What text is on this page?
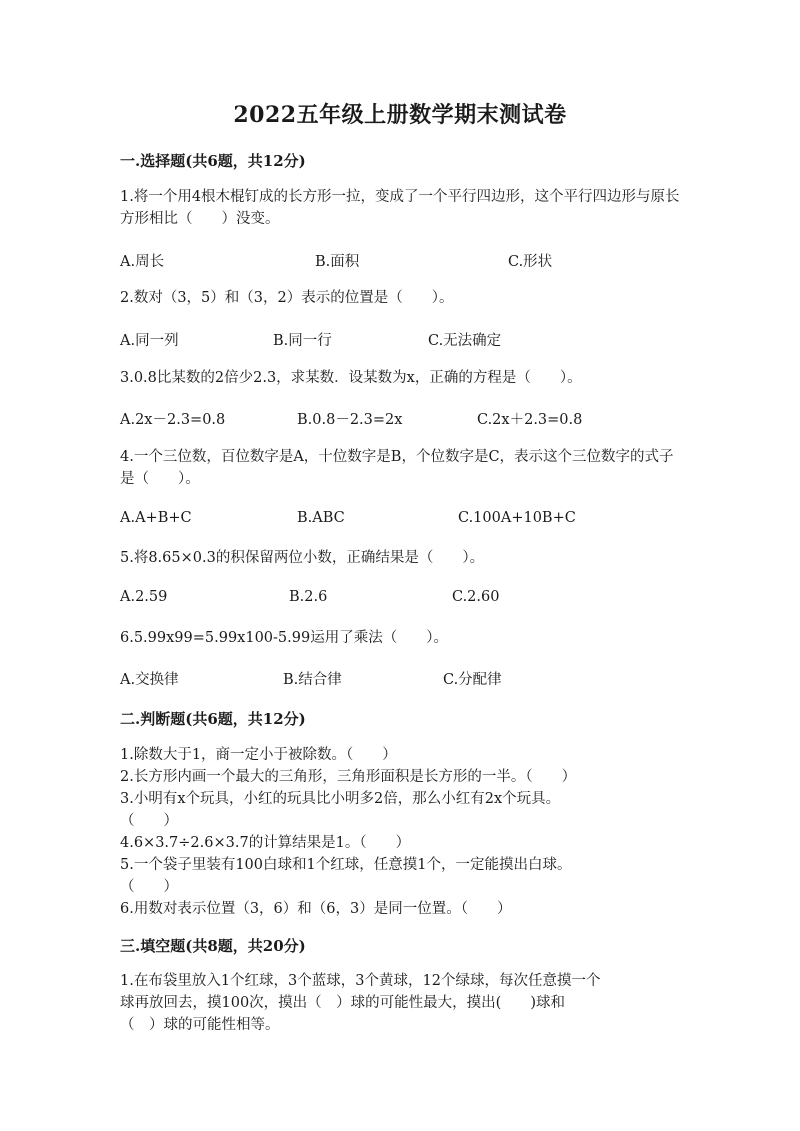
2022五年级上册数学期末测试卷
一.选择题(共6题，共12分)
1.将一个用4根木棍钉成的长方形一拉，变成了一个平行四边形，这个平行四边形与原长方形相比（　　）没变。
A.周长	B.面积	C.形状
2.数对（3，5）和（3，2）表示的位置是（　　）。
A.同一列	B.同一行	C.无法确定
3.0.8比某数的2倍少2.3，求某数．设某数为x，正确的方程是（　　）。
A.2x－2.3=0.8	B.0.8－2.3=2x	C.2x＋2.3=0.8
4.一个三位数，百位数字是A，十位数字是B，个位数字是C，表示这个三位数字的式子是（　　）。
A.A+B+C	B.ABC	C.100A+10B+C
5.将8.65×0.3的积保留两位小数，正确结果是（　　）。
A.2.59	B.2.6	C.2.60
6.5.99x99=5.99x100-5.99运用了乘法（　　）。
A.交换律	B.结合律	C.分配律
二.判断题(共6题，共12分)
1.除数大于1，商一定小于被除数。（　　）
2.长方形内画一个最大的三角形，三角形面积是长方形的一半。（　　）
3.小明有x个玩具，小红的玩具比小明多2倍，那么小红有2x个玩具。
（　　）
4.6×3.7÷2.6×3.7的计算结果是1。（　　）
5.一个袋子里装有100白球和1个红球，任意摸1个，一定能摸出白球。
（　　）
6.用数对表示位置（3，6）和（6，3）是同一位置。（　　）
三.填空题(共8题，共20分)
1.在布袋里放入1个红球，3个蓝球，3个黄球，12个绿球，每次任意摸一个
球再放回去，摸100次，摸出（　）球的可能性最大，摸出(　　)球和
（　）球的可能性相等。
